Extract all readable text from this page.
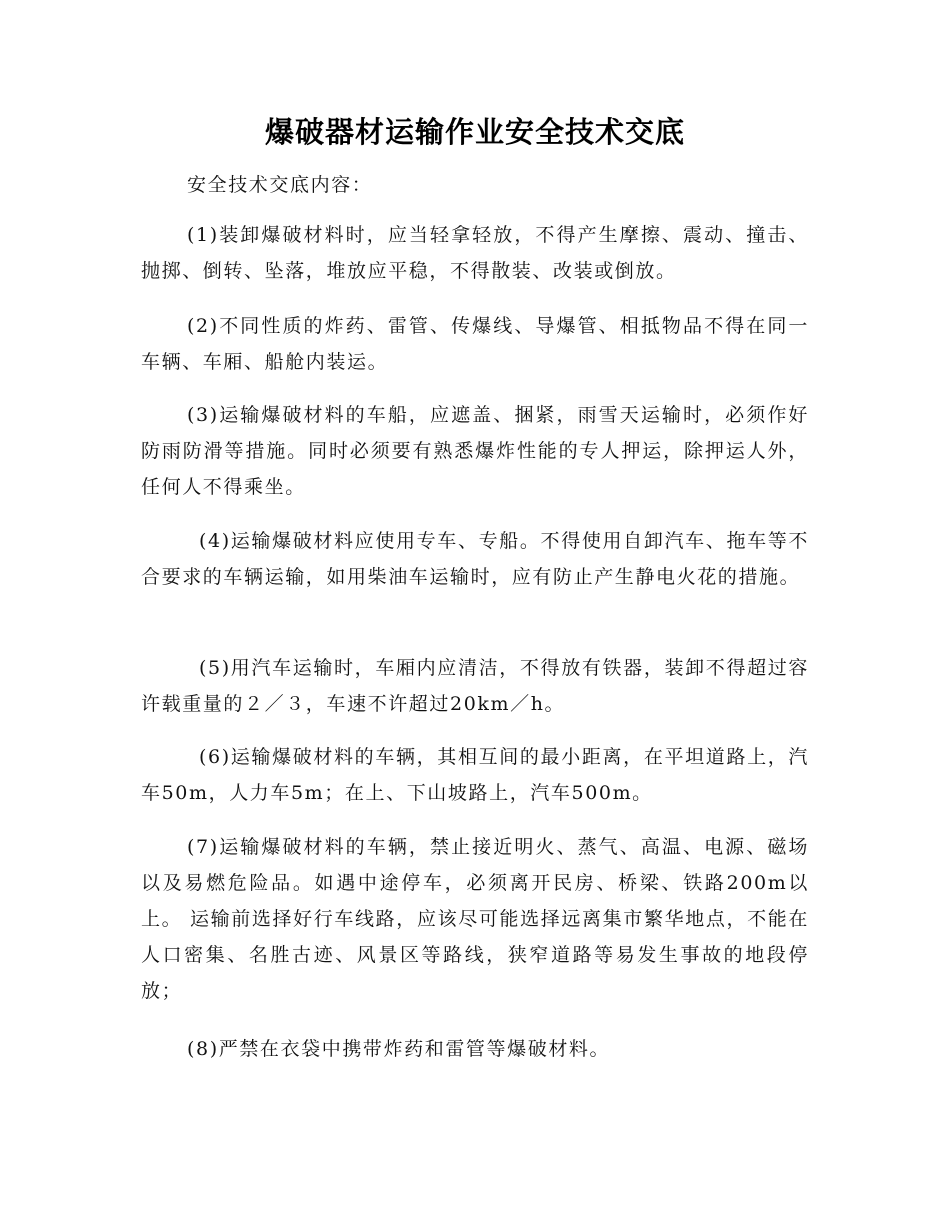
爆破器材运输作业安全技术交底

安全技术交底内容：

(1)装卸爆破材料时，应当轻拿轻放，不得产生摩擦、震动、撞击、抛掷、倒转、坠落，堆放应平稳，不得散装、改装或倒放。

(2)不同性质的炸药、雷管、传爆线、导爆管、相抵物品不得在同一车辆、车厢、船舱内装运。

(3)运输爆破材料的车船，应遮盖、捆紧，雨雪天运输时，必须作好防雨防滑等措施。同时必须要有熟悉爆炸性能的专人押运，除押运人外，任何人不得乘坐。

(4)运输爆破材料应使用专车、专船。不得使用自卸汽车、拖车等不合要求的车辆运输，如用柴油车运输时，应有防止产生静电火花的措施。

(5)用汽车运输时，车厢内应清洁，不得放有铁器，装卸不得超过容许载重量的２／３，车速不许超过20km／h。

(6)运输爆破材料的车辆，其相互间的最小距离，在平坦道路上，汽车50m，人力车5m；在上、下山坡路上，汽车500m。

(7)运输爆破材料的车辆，禁止接近明火、蒸气、高温、电源、磁场以及易燃危险品。如遇中途停车，必须离开民房、桥梁、铁路200m以上。 运输前选择好行车线路，应该尽可能选择远离集市繁华地点，不能在人口密集、名胜古迹、风景区等路线，狭窄道路等易发生事故的地段停放；

(8)严禁在衣袋中携带炸药和雷管等爆破材料。
